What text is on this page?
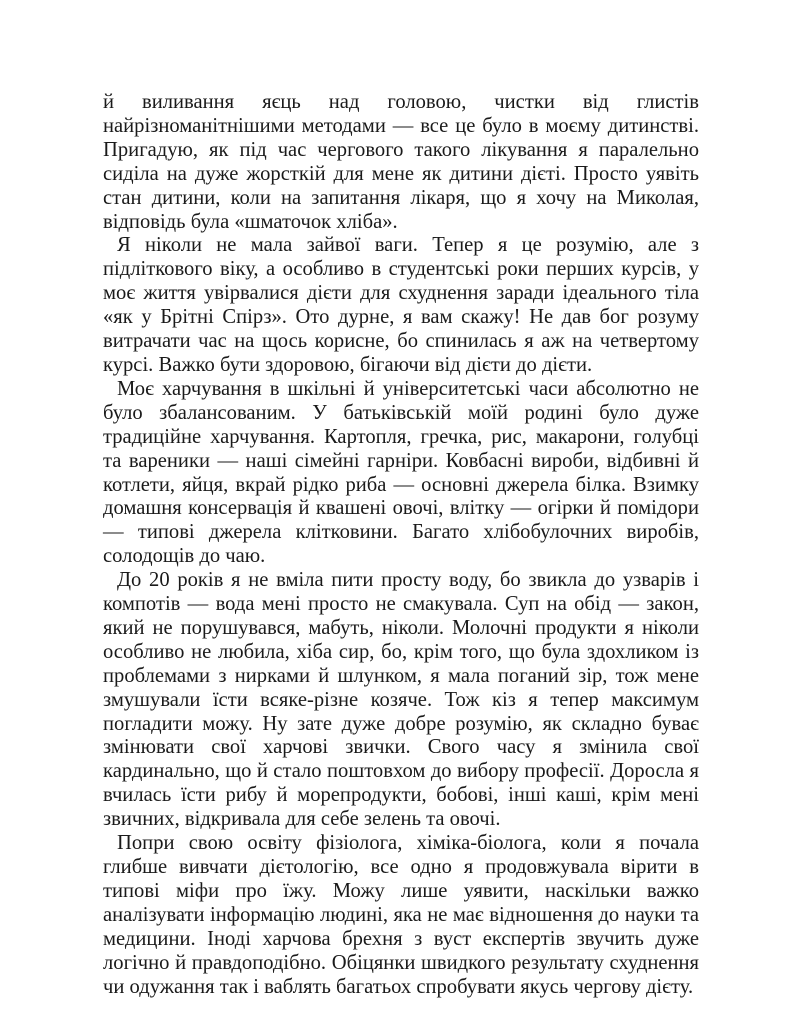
й виливання яєць над головою, чистки від глистів найрізноманітнішими методами — все це було в моєму дитинстві. Пригадую, як під час чергового такого лікування я паралельно сиділа на дуже жорсткій для мене як дитини дієті. Просто уявіть стан дитини, коли на запитання лікаря, що я хочу на Миколая, відповідь була «шматочок хліба».

Я ніколи не мала зайвої ваги. Тепер я це розумію, але з підліткового віку, а особливо в студентські роки перших курсів, у моє життя увірвалися дієти для схуднення заради ідеального тіла «як у Брітні Спірз». Ото дурне, я вам скажу! Не дав бог розуму витрачати час на щось корисне, бо спинилась я аж на четвертому курсі. Важко бути здоровою, бігаючи від дієти до дієти.

Моє харчування в шкільні й університетські часи абсолютно не було збалансованим. У батьківській моїй родині було дуже традиційне харчування. Картопля, гречка, рис, макарони, голубці та вареники — наші сімейні гарніри. Ковбасні вироби, відбивні й котлети, яйця, вкрай рідко риба — основні джерела білка. Взимку домашня консервація й квашені овочі, влітку — огірки й помідори — типові джерела клітковини. Багато хлібобулочних виробів, солодощів до чаю.

До 20 років я не вміла пити просту воду, бо звикла до узварів і компотів — вода мені просто не смакувала. Суп на обід — закон, який не порушувався, мабуть, ніколи. Молочні продукти я ніколи особливо не любила, хіба сир, бо, крім того, що була здохликом із проблемами з нирками й шлунком, я мала поганий зір, тож мене змушували їсти всяке-різне козяче. Тож кіз я тепер максимум погладити можу. Ну зате дуже добре розумію, як складно буває змінювати свої харчові звички. Свого часу я змінила свої кардинально, що й стало поштовхом до вибору професії. Доросла я вчилась їсти рибу й морепродукти, бобові, інші каші, крім мені звичних, відкривала для себе зелень та овочі.

Попри свою освіту фізіолога, хіміка-біолога, коли я почала глибше вивчати дієтологію, все одно я продовжувала вірити в типові міфи про їжу. Можу лише уявити, наскільки важко аналізувати інформацію людині, яка не має відношення до науки та медицини. Іноді харчова брехня з вуст експертів звучить дуже логічно й правдоподібно. Обіцянки швидкого результату схуднення чи одужання так і ваблять багатьох спробувати якусь чергову дієту.
